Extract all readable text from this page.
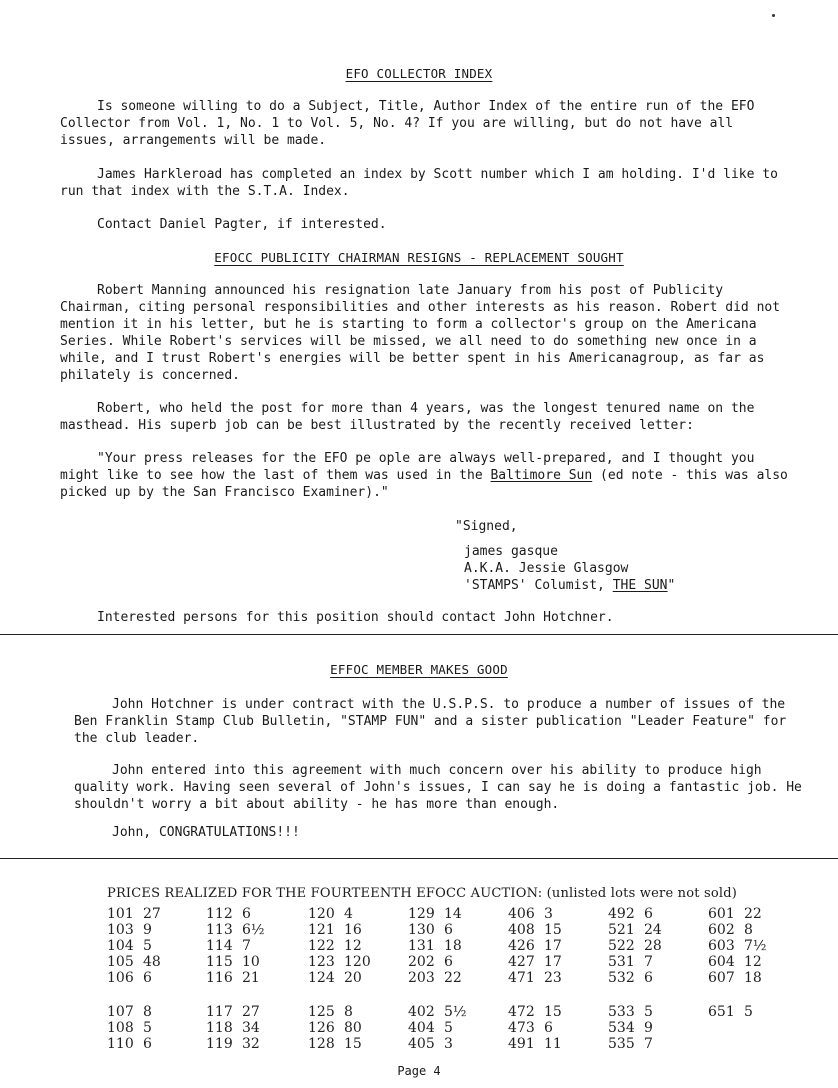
EFO COLLECTOR INDEX

Is someone willing to do a Subject, Title, Author Index of the entire run of the EFO Collector from Vol. 1, No. 1 to Vol. 5, No. 4? If you are willing, but do not have all issues, arrangements will be made.

James Harkleroad has completed an index by Scott number which I am holding. I'd like to run that index with the S.T.A. Index.

Contact Daniel Pagter, if interested.

EFOCC PUBLICITY CHAIRMAN RESIGNS - REPLACEMENT SOUGHT

Robert Manning announced his resignation late January from his post of Publicity Chairman, citing personal responsibilities and other interests as his reason. Robert did not mention it in his letter, but he is starting to form a collector's group on the Americana Series. While Robert's services will be missed, we all need to do something new once in a while, and I trust Robert's energies will be better spent in his Americanagroup, as far as philately is concerned.

Robert, who held the post for more than 4 years, was the longest tenured name on the masthead. His superb job can be best illustrated by the recently received letter:

"Your press releases for the EFO pe ople are always well-prepared, and I thought you might like to see how the last of them was used in the Baltimore Sun (ed note - this was also picked up by the San Francisco Examiner)."

"Signed,
james gasque
A.K.A. Jessie Glasgow
'STAMPS' Columist, THE SUN"
Interested persons for this position should contact John Hotchner.
EFFOC MEMBER MAKES GOOD

John Hotchner is under contract with the U.S.P.S. to produce a number of issues of the Ben Franklin Stamp Club Bulletin, "STAMP FUN" and a sister publication "Leader Feature" for the club leader.

John entered into this agreement with much concern over his ability to produce high quality work. Having seen several of John's issues, I can say he is doing a fantastic job. He shouldn't worry a bit about ability - he has more than enough.

John, CONGRATULATIONS!!!
PRICES REALIZED FOR THE FOURTEENTH EFOCC AUCTION: (unlisted lots were not sold)
101 27
103 9
104 5
105 48
106 6
107 8
108 5
110 6
112 6
113 6½
114 7
115 10
116 21
117 27
118 34
119 32
120 4
121 16
122 12
123 120
124 20
125 8
126 80
128 15
129 14
130 6
131 18
202 6
203 22
402 5½
404 5
405 3
406 3
408 15
426 17
427 17
471 23
472 15
473 6
491 11
492 6
521 24
522 28
531 7
532 6
533 5
534 9
535 7
601 22
602 8
603 7½
604 12
607 18
651 5
Page 4
